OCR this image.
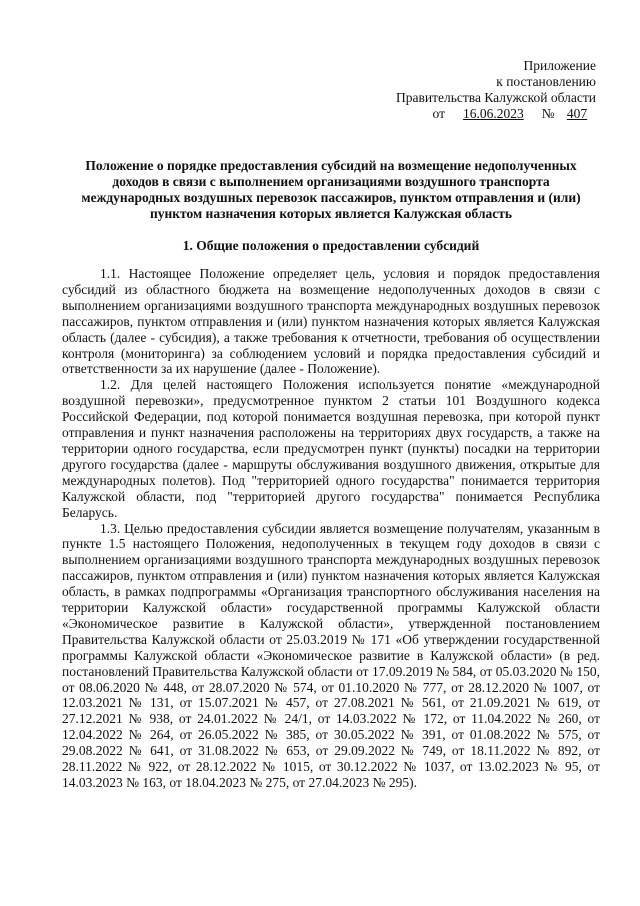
Приложение
к постановлению
Правительства Калужской области
от 16.06.2023 № 407
Положение о порядке предоставления субсидий на возмещение недополученных доходов в связи с выполнением организациями воздушного транспорта международных воздушных перевозок пассажиров, пунктом отправления и (или) пунктом назначения которых является Калужская область
1. Общие положения о предоставлении субсидий

1.1. Настоящее Положение определяет цель, условия и порядок предоставления субсидий из областного бюджета на возмещение недополученных доходов в связи с выполнением организациями воздушного транспорта международных воздушных перевозок пассажиров, пунктом отправления и (или) пунктом назначения которых является Калужская область (далее - субсидия), а также требования к отчетности, требования об осуществлении контроля (мониторинга) за соблюдением условий и порядка предоставления субсидий и ответственности за их нарушение (далее - Положение).

1.2. Для целей настоящего Положения используется понятие «международной воздушной перевозки», предусмотренное пунктом 2 статьи 101 Воздушного кодекса Российской Федерации, под которой понимается воздушная перевозка, при которой пункт отправления и пункт назначения расположены на территориях двух государств, а также на территории одного государства, если предусмотрен пункт (пункты) посадки на территории другого государства (далее - маршруты обслуживания воздушного движения, открытые для международных полетов). Под "территорией одного государства" понимается территория Калужской области, под "территорией другого государства" понимается Республика Беларусь.

1.3. Целью предоставления субсидии является возмещение получателям, указанным в пункте 1.5 настоящего Положения, недополученных в текущем году доходов в связи с выполнением организациями воздушного транспорта международных воздушных перевозок пассажиров, пунктом отправления и (или) пунктом назначения которых является Калужская область, в рамках подпрограммы «Организация транспортного обслуживания населения на территории Калужской области» государственной программы Калужской области «Экономическое развитие в Калужской области», утвержденной постановлением Правительства Калужской области от 25.03.2019 № 171 «Об утверждении государственной программы Калужской области «Экономическое развитие в Калужской области» (в ред. постановлений Правительства Калужской области от 17.09.2019 № 584, от 05.03.2020 № 150, от 08.06.2020 № 448, от 28.07.2020 № 574, от 01.10.2020 № 777, от 28.12.2020 № 1007, от 12.03.2021 № 131, от 15.07.2021 № 457, от 27.08.2021 № 561, от 21.09.2021 № 619, от 27.12.2021 № 938, от 24.01.2022 № 24/1, от 14.03.2022 № 172, от 11.04.2022 № 260, от 12.04.2022 № 264, от 26.05.2022 № 385, от 30.05.2022 № 391, от 01.08.2022 № 575, от 29.08.2022 № 641, от 31.08.2022 № 653, от 29.09.2022 № 749, от 18.11.2022 № 892, от 28.11.2022 № 922, от 28.12.2022 № 1015, от 30.12.2022 № 1037, от 13.02.2023 № 95, от 14.03.2023 № 163, от 18.04.2023 № 275, от 27.04.2023 № 295).
